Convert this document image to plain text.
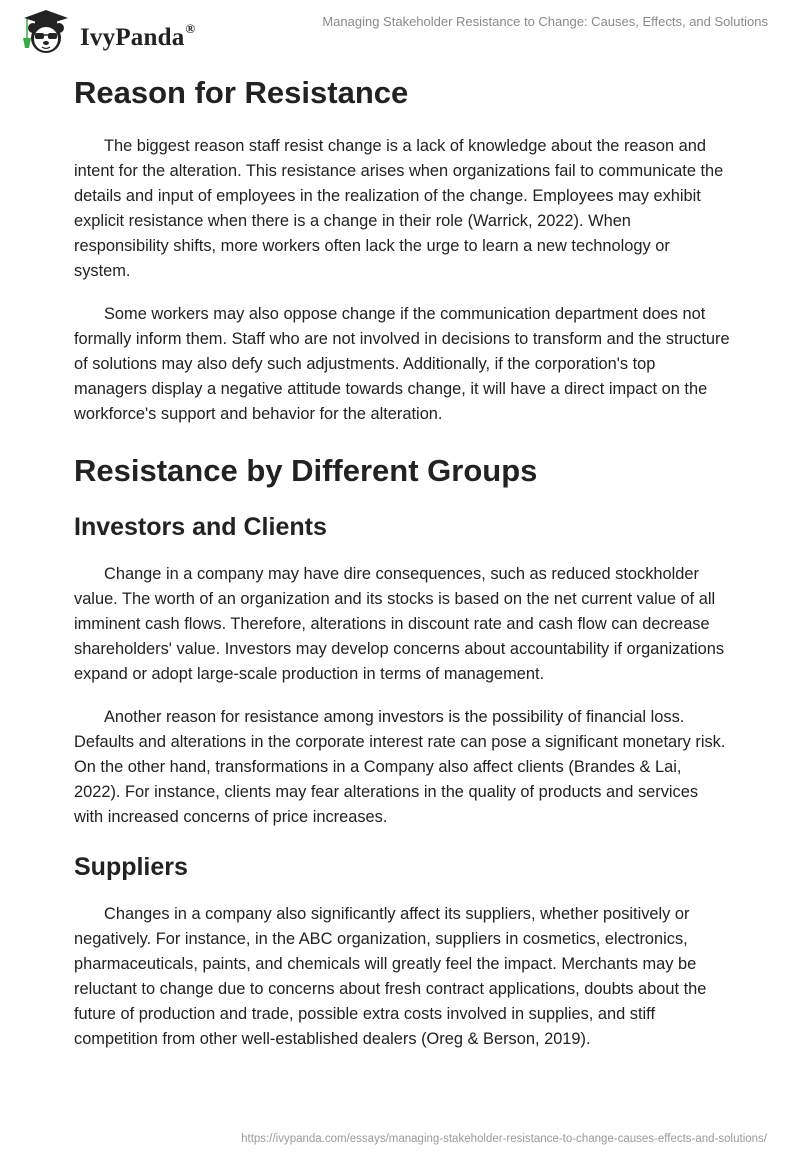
IvyPanda®	Managing Stakeholder Resistance to Change: Causes, Effects, and Solutions
Reason for Resistance

The biggest reason staff resist change is a lack of knowledge about the reason and intent for the alteration. This resistance arises when organizations fail to communicate the details and input of employees in the realization of the change. Employees may exhibit explicit resistance when there is a change in their role (Warrick, 2022). When responsibility shifts, more workers often lack the urge to learn a new technology or system.

Some workers may also oppose change if the communication department does not formally inform them. Staff who are not involved in decisions to transform and the structure of solutions may also defy such adjustments. Additionally, if the corporation's top managers display a negative attitude towards change, it will have a direct impact on the workforce's support and behavior for the alteration.

Resistance by Different Groups
Investors and Clients

Change in a company may have dire consequences, such as reduced stockholder value. The worth of an organization and its stocks is based on the net current value of all imminent cash flows. Therefore, alterations in discount rate and cash flow can decrease shareholders' value. Investors may develop concerns about accountability if organizations expand or adopt large-scale production in terms of management.

Another reason for resistance among investors is the possibility of financial loss. Defaults and alterations in the corporate interest rate can pose a significant monetary risk. On the other hand, transformations in a Company also affect clients (Brandes & Lai, 2022). For instance, clients may fear alterations in the quality of products and services with increased concerns of price increases.

Suppliers

Changes in a company also significantly affect its suppliers, whether positively or negatively. For instance, in the ABC organization, suppliers in cosmetics, electronics, pharmaceuticals, paints, and chemicals will greatly feel the impact. Merchants may be reluctant to change due to concerns about fresh contract applications, doubts about the future of production and trade, possible extra costs involved in supplies, and stiff competition from other well-established dealers (Oreg & Berson, 2019).

https://ivypanda.com/essays/managing-stakeholder-resistance-to-change-causes-effects-and-solutions/
